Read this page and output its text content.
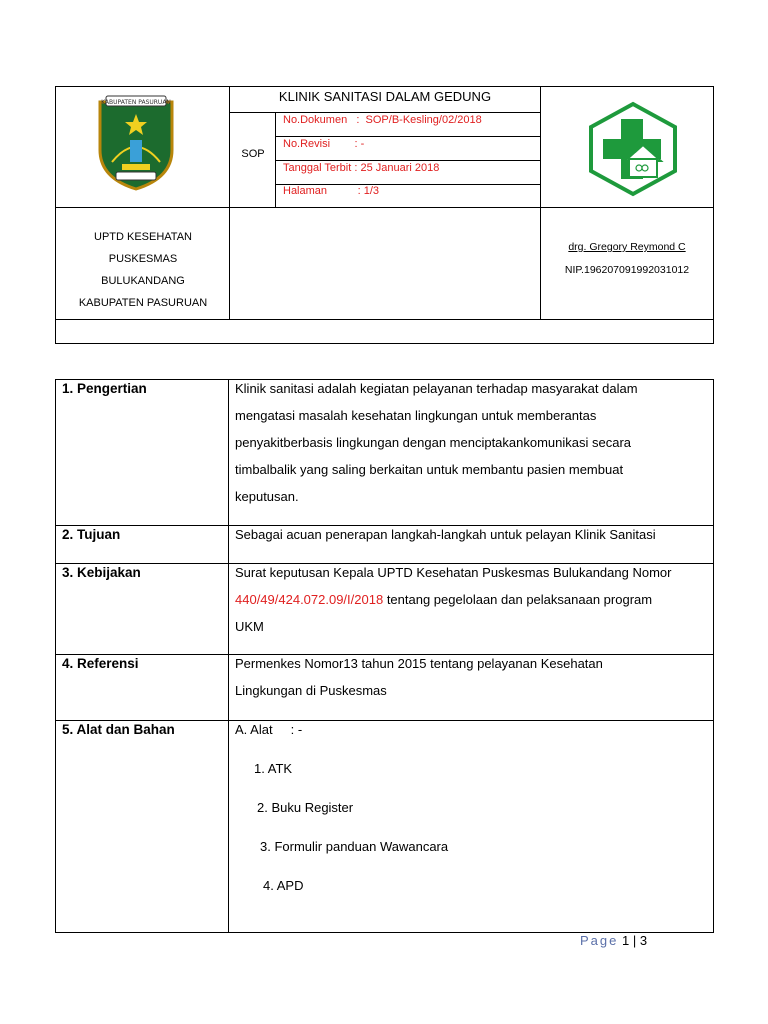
KABUPATEN PASURUAN	KLINIK SANITASI DALAM GEDUNG
SOP
No.Dokumen   :  SOP/B-Kesling/02/2018
No.Revisi        : -
Tanggal Terbit : 25 Januari 2018
Halaman          : 1/3
UPTD KESEHATAN
PUSKESMAS
BULUKANDANG
KABUPATEN PASURUAN
drg. Gregory Reymond C
NIP.196207091992031012
1. Pengertian	Klinik sanitasi adalah kegiatan pelayanan terhadap masyarakat dalam
mengatasi masalah kesehatan lingkungan untuk memberantas
penyakitberbasis lingkungan dengan menciptakankomunikasi secara
timbalbalik yang saling berkaitan untuk membantu pasien membuat
keputusan.
2. Tujuan	Sebagai acuan penerapan langkah-langkah untuk pelayan Klinik Sanitasi
3. Kebijakan	Surat keputusan Kepala UPTD Kesehatan Puskesmas Bulukandang Nomor
440/49/424.072.09/I/2018 tentang pegelolaan dan pelaksanaan program
UKM
4. Referensi	Permenkes Nomor13 tahun 2015 tentang pelayanan Kesehatan
Lingkungan di Puskesmas
5. Alat dan Bahan	A. Alat     : -
1. ATK
2. Buku Register
3. Formulir panduan Wawancara
4. APD
Page 1 | 3
